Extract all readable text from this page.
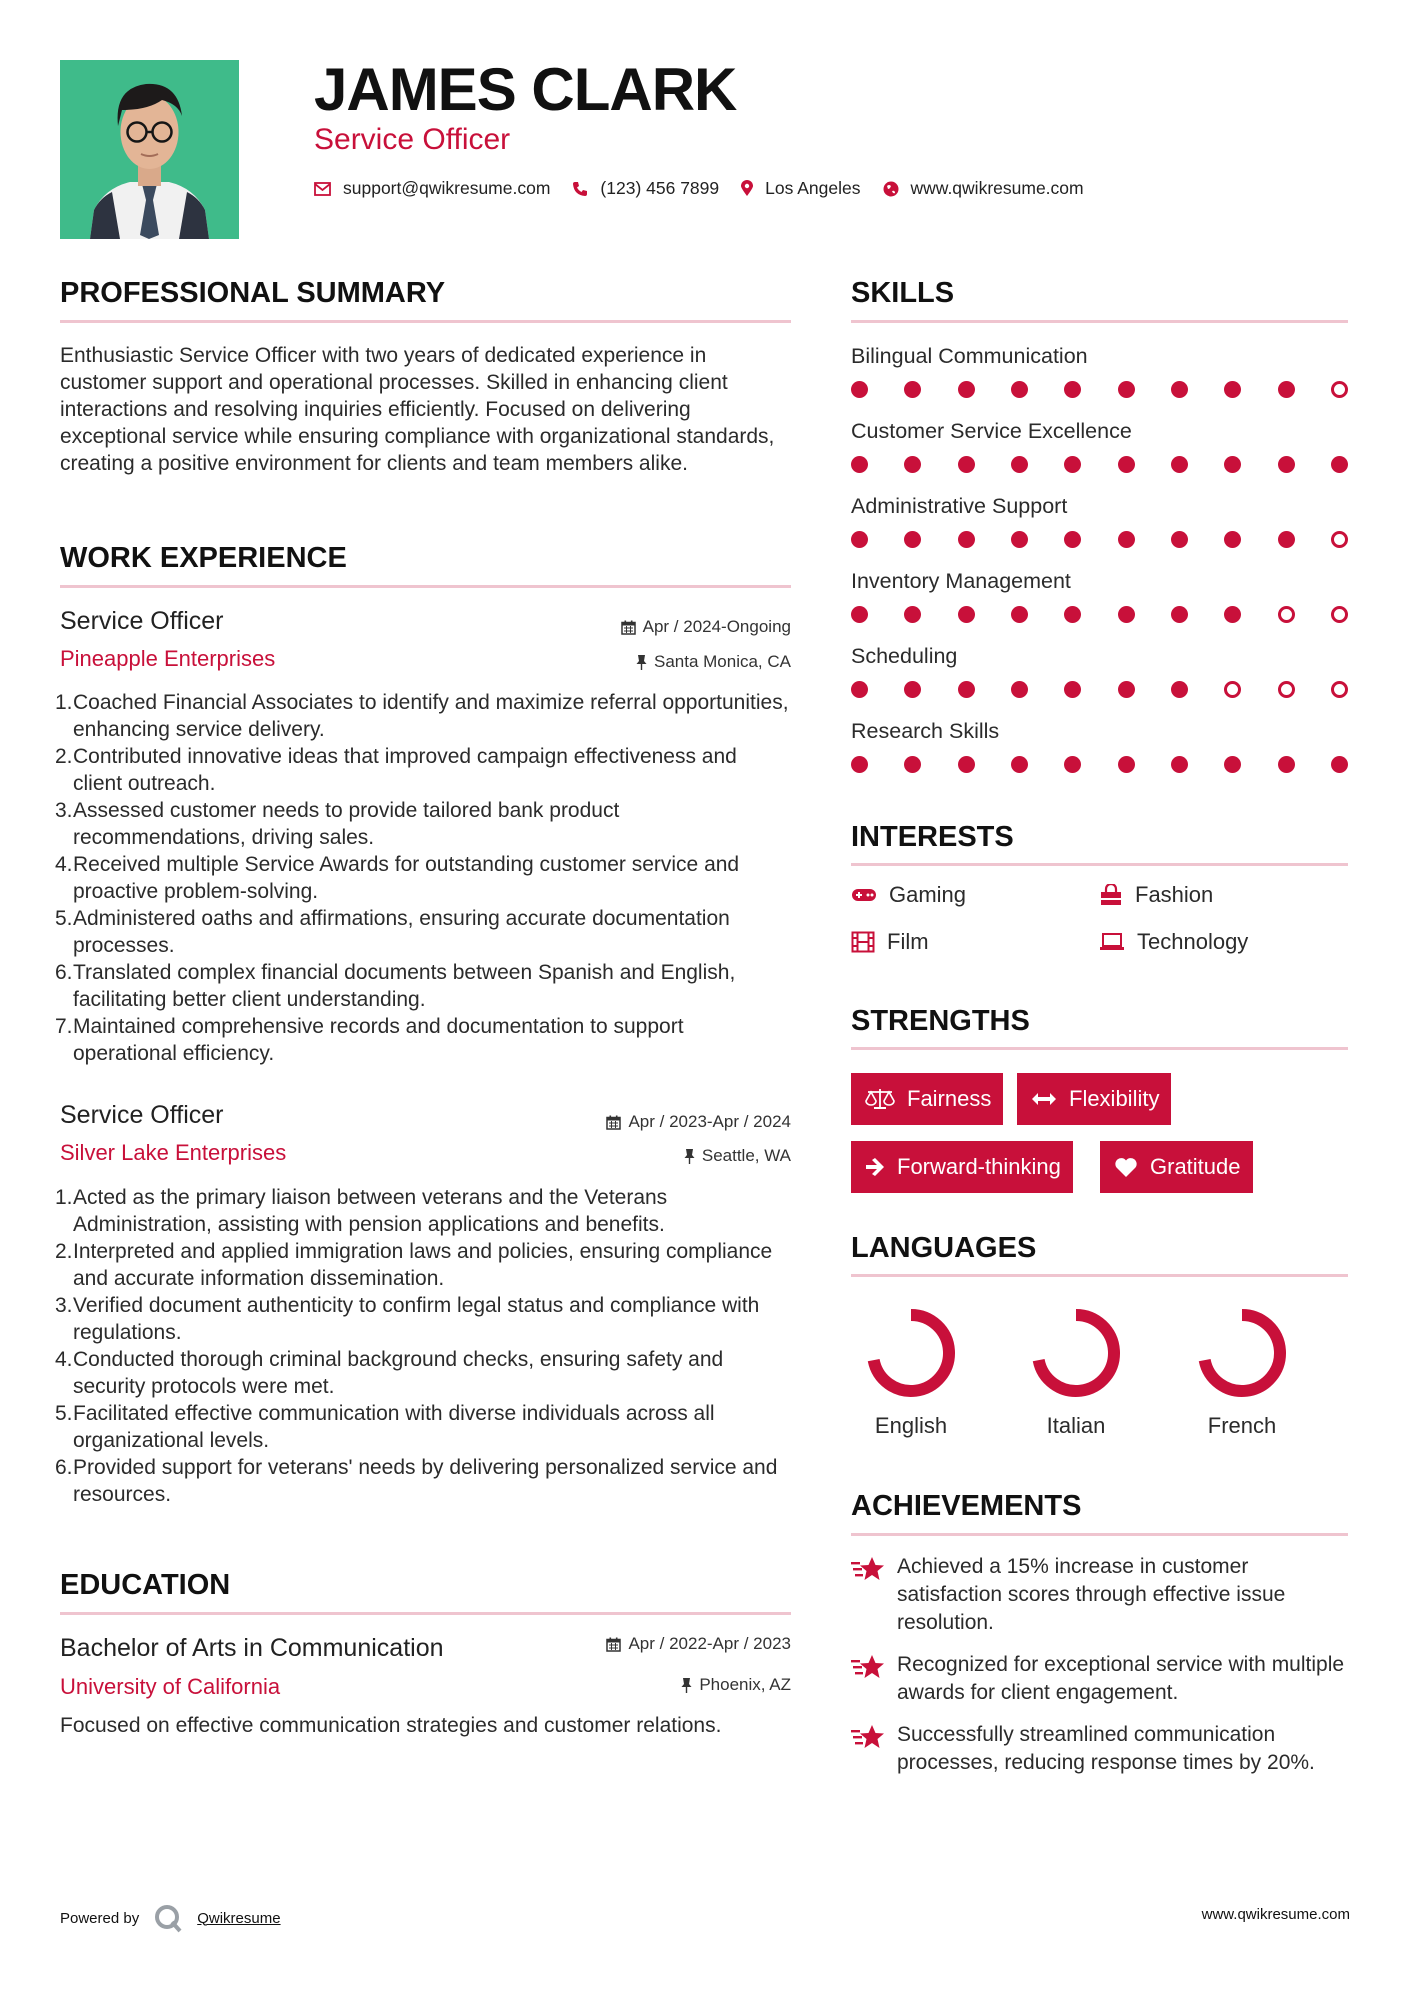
JAMES CLARK
Service Officer
support@qwikresume.com	(123) 456 7899	Los Angeles	www.qwikresume.com
PROFESSIONAL SUMMARY
Enthusiastic Service Officer with two years of dedicated experience in customer support and operational processes. Skilled in enhancing client interactions and resolving inquiries efficiently. Focused on delivering exceptional service while ensuring compliance with organizational standards, creating a positive environment for clients and team members alike.
WORK EXPERIENCE
Service Officer	Apr / 2024-Ongoing
Pineapple Enterprises	Santa Monica, CA
1. Coached Financial Associates to identify and maximize referral opportunities, enhancing service delivery.
2. Contributed innovative ideas that improved campaign effectiveness and client outreach.
3. Assessed customer needs to provide tailored bank product recommendations, driving sales.
4. Received multiple Service Awards for outstanding customer service and proactive problem-solving.
5. Administered oaths and affirmations, ensuring accurate documentation processes.
6. Translated complex financial documents between Spanish and English, facilitating better client understanding.
7. Maintained comprehensive records and documentation to support operational efficiency.
Service Officer	Apr / 2023-Apr / 2024
Silver Lake Enterprises	Seattle, WA
1. Acted as the primary liaison between veterans and the Veterans Administration, assisting with pension applications and benefits.
2. Interpreted and applied immigration laws and policies, ensuring compliance and accurate information dissemination.
3. Verified document authenticity to confirm legal status and compliance with regulations.
4. Conducted thorough criminal background checks, ensuring safety and security protocols were met.
5. Facilitated effective communication with diverse individuals across all organizational levels.
6. Provided support for veterans' needs by delivering personalized service and resources.
EDUCATION
Bachelor of Arts in Communication	Apr / 2022-Apr / 2023
University of California	Phoenix, AZ
Focused on effective communication strategies and customer relations.
SKILLS
Bilingual Communication
Customer Service Excellence
Administrative Support
Inventory Management
Scheduling
Research Skills
INTERESTS
Gaming	Fashion
Film	Technology
STRENGTHS
Fairness	Flexibility
Forward-thinking	Gratitude
LANGUAGES
English	Italian	French
ACHIEVEMENTS
Achieved a 15% increase in customer satisfaction scores through effective issue resolution.
Recognized for exceptional service with multiple awards for client engagement.
Successfully streamlined communication processes, reducing response times by 20%.
Powered by	Qwikresume	www.qwikresume.com
